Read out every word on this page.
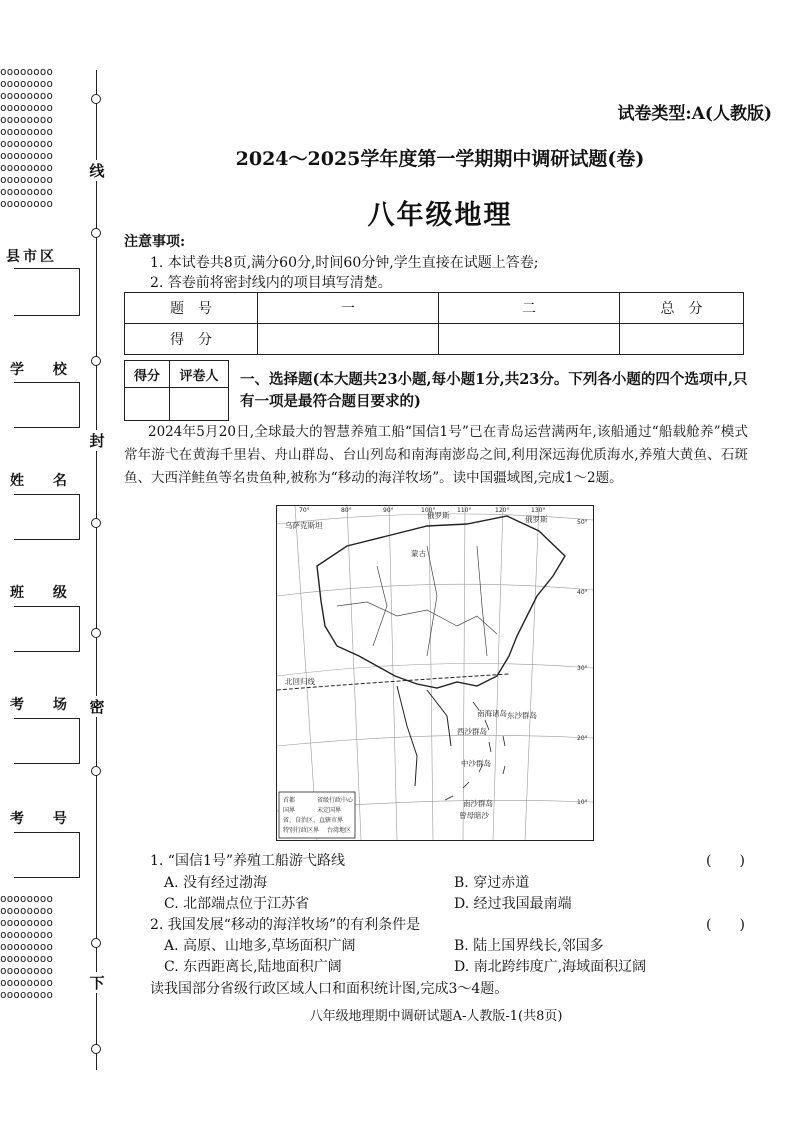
oooooooo
oooooooo
oooooooo
oooooooo
oooooooo
oooooooo
oooooooo
oooooooo
oooooooo
oooooooo
oooooooo
oooooooo
oooooooo
oooooooo
oooooooo
oooooooo
oooooooo
oooooooo
oooooooo
oooooooo
oooooooo
线
封
密
下
县市区
学 校
姓 名
班 级
考 场
考 号
试卷类型:A(人教版)
2024～2025学年度第一学期期中调研试题(卷)
八年级地理
注意事项:
1. 本试卷共8页,满分60分,时间60分钟,学生直接在试题上答卷;
2. 答卷前将密封线内的项目填写清楚。
题　号	一	二	总　分
得　分			
得分	评卷人
	一、选择题(本大题共23小题,每小题1分,共23分。下列各小题的四个选项中,只有一项是最符合题目要求的)
2024年5月20日,全球最大的智慧养殖工船“国信1号”已在青岛运营满两年,该船通过“船载舱养”模式常年游弋在黄海千里岩、舟山群岛、台山列岛和南海南澎岛之间,利用深远海优质海水,养殖大黄鱼、石斑鱼、大西洋鲑鱼等名贵鱼种,被称为“移动的海洋牧场”。读中国疆域图,完成1～2题。
首都	省级行政中心
国界	未定国界
省、自治区、直辖市界
特别行政区界 台湾地区
乌萨克斯坦
俄罗斯	俄罗斯
蒙古
南海诸岛
西沙群岛
中沙群岛
南沙群岛
东沙群岛
曾母暗沙
北回归线
70°	80°	90°	100°	110°	120°	130°
50°
40°
30°
20°
10°
1. “国信1号”养殖工船游弋路线	(　　)
A. 没有经过渤海	B. 穿过赤道
C. 北部端点位于江苏省	D. 经过我国最南端
2. 我国发展“移动的海洋牧场”的有利条件是	(　　)
A. 高原、山地多,草场面积广阔	B. 陆上国界线长,邻国多
C. 东西距离长,陆地面积广阔	D. 南北跨纬度广,海域面积辽阔
读我国部分省级行政区域人口和面积统计图,完成3～4题。
八年级地理期中调研试题A-人教版-1(共8页)
